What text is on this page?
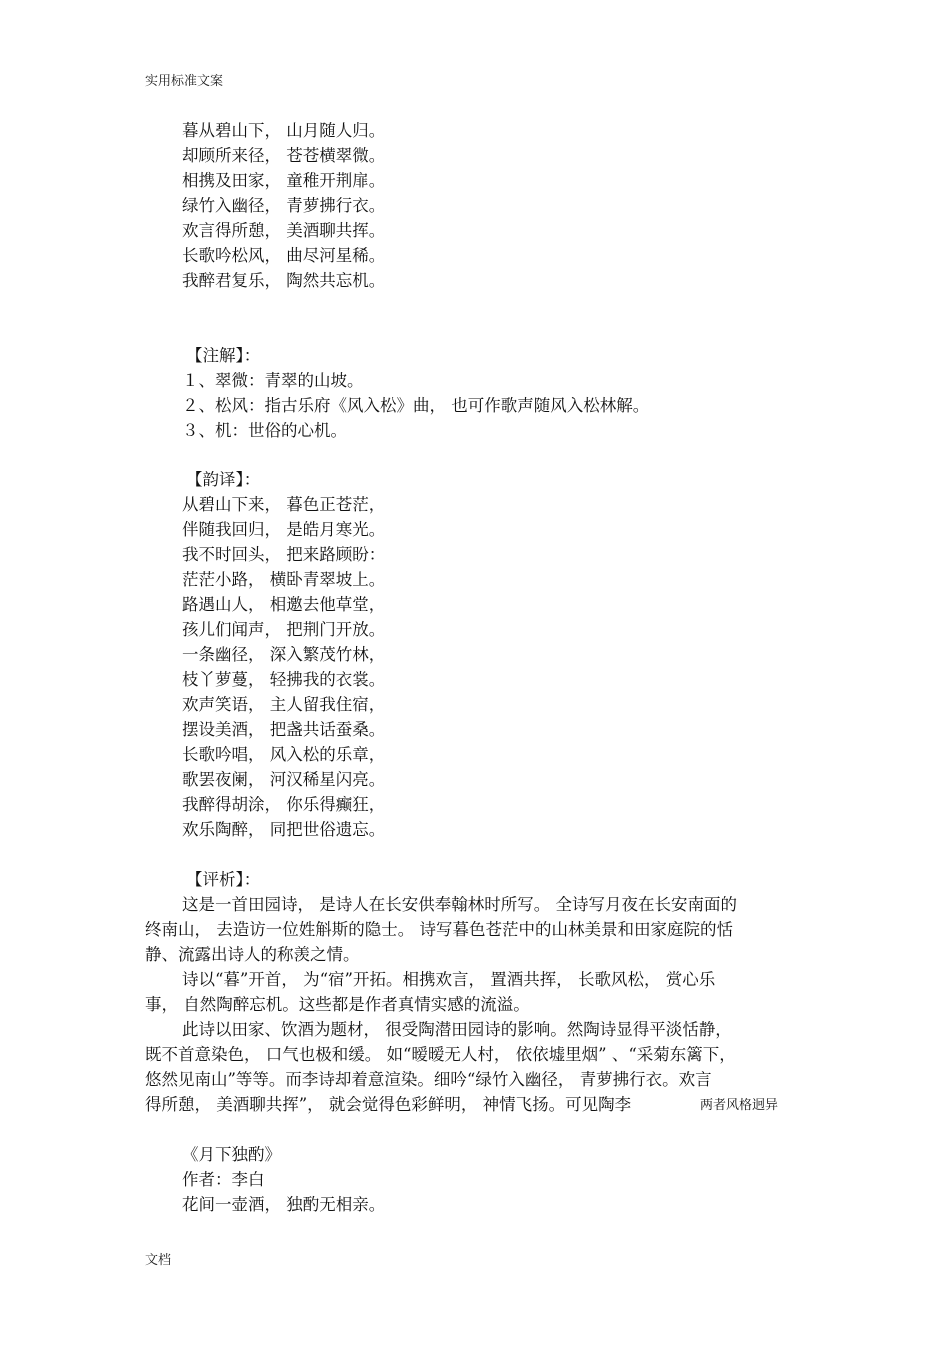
实用标准文案
暮从碧山下， 山月随人归。
却顾所来径， 苍苍横翠微。
相携及田家， 童稚开荆扉。
绿竹入幽径， 青萝拂行衣。
欢言得所憩， 美酒聊共挥。
长歌吟松风， 曲尽河星稀。
我醉君复乐， 陶然共忘机。
【注解】：
１、翠微：青翠的山坡。
２、松风：指古乐府《风入松》曲， 也可作歌声随风入松林解。
３、机：世俗的心机。
【韵译】：
从碧山下来， 暮色正苍茫，
伴随我回归， 是皓月寒光。
我不时回头， 把来路顾盼：
茫茫小路， 横卧青翠坡上。
路遇山人， 相邀去他草堂，
孩儿们闻声， 把荆门开放。
一条幽径， 深入繁茂竹林，
枝丫萝蔓， 轻拂我的衣裳。
欢声笑语， 主人留我住宿，
摆设美酒， 把盏共话蚕桑。
长歌吟唱， 风入松的乐章，
歌罢夜阑， 河汉稀星闪亮。
我醉得胡涂， 你乐得癫狂，
欢乐陶醉， 同把世俗遗忘。
【评析】：
这是一首田园诗， 是诗人在长安供奉翰林时所写。 全诗写月夜在长安南面的
终南山， 去造访一位姓斛斯的隐士。 诗写暮色苍茫中的山林美景和田家庭院的恬
静、流露出诗人的称羡之情。
诗以“暮”开首， 为“宿”开拓。相携欢言， 置酒共挥， 长歌风松， 赏心乐
事， 自然陶醉忘机。这些都是作者真情实感的流溢。
此诗以田家、饮酒为题材， 很受陶潜田园诗的影响。然陶诗显得平淡恬静，
既不首意染色， 口气也极和缓。 如“暧暧无人村， 依依墟里烟” 、“采菊东篱下，
悠然见南山”等等。而李诗却着意渲染。细吟“绿竹入幽径， 青萝拂行衣。欢言
得所憩， 美酒聊共挥”， 就会觉得色彩鲜明， 神情飞扬。可见陶李	两者风格迥异
《月下独酌》
作者：李白
花间一壶酒， 独酌无相亲。
文档
